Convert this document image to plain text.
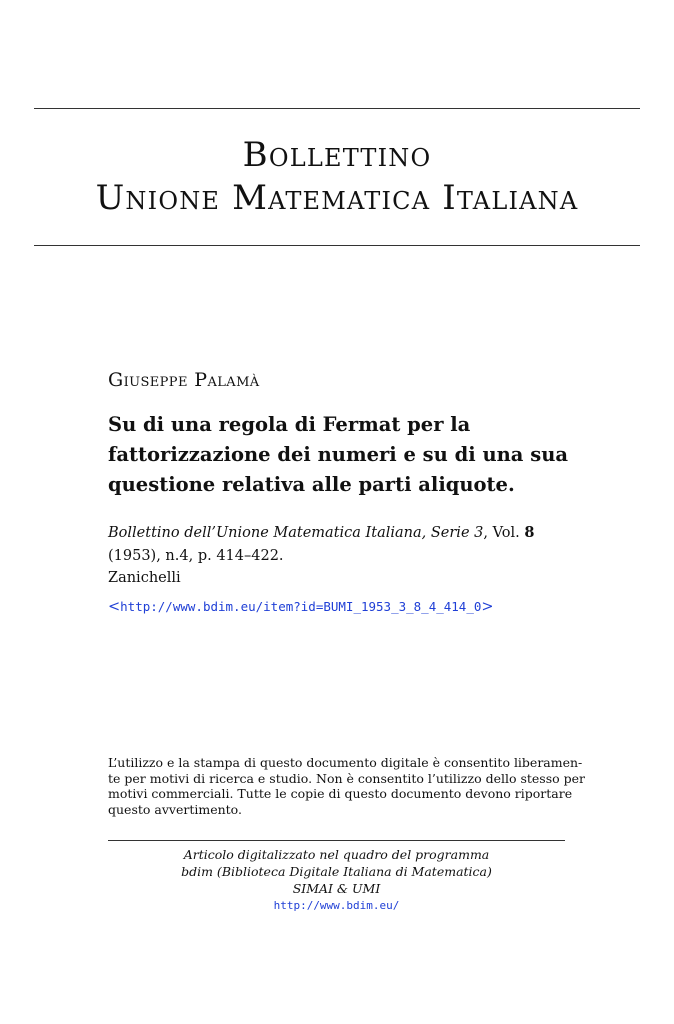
Bollettino
Unione Matematica Italiana
Giuseppe Palamà
Su di una regola di Fermat per la
fattorizzazione dei numeri e su di una sua
questione relativa alle parti aliquote.
Bollettino dell’Unione Matematica Italiana, Serie 3, Vol. 8
(1953), n.4, p. 414–422.
Zanichelli
<http://www.bdim.eu/item?id=BUMI_1953_3_8_4_414_0>
L’utilizzo e la stampa di questo documento digitale è consentito liberamen-
te per motivi di ricerca e studio. Non è consentito l’utilizzo dello stesso per
motivi commerciali. Tutte le copie di questo documento devono riportare
questo avvertimento.
Articolo digitalizzato nel quadro del programma
bdim (Biblioteca Digitale Italiana di Matematica)
SIMAI & UMI
http://www.bdim.eu/
